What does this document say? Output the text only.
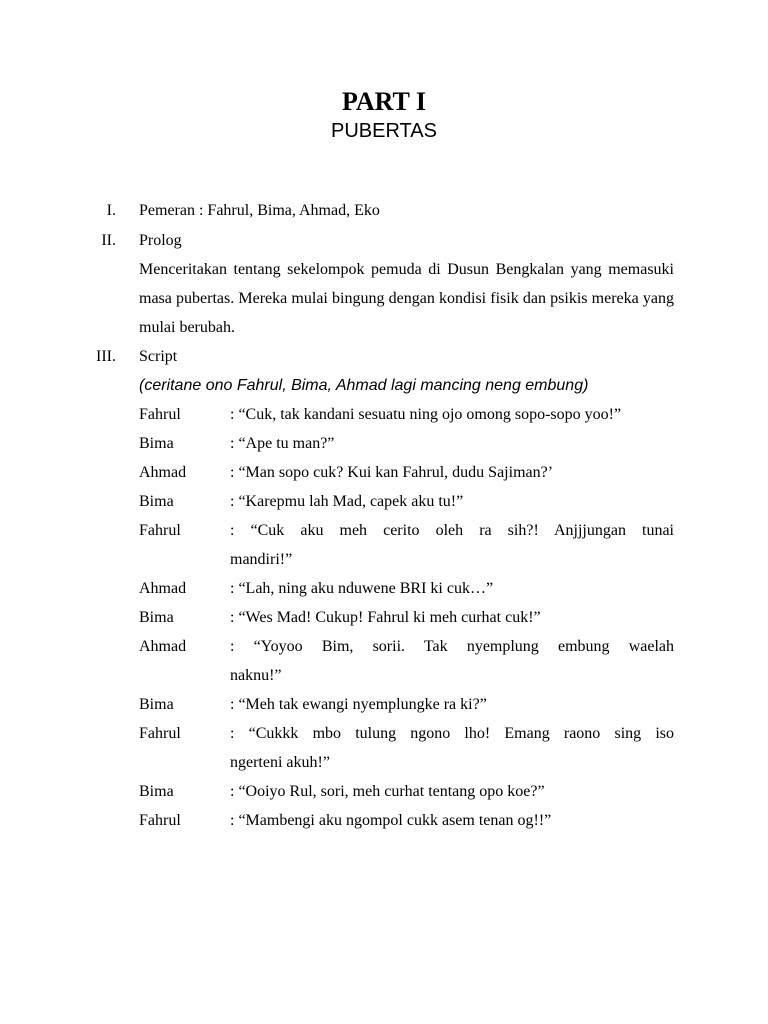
PART I
PUBERTAS
I. Pemeran : Fahrul, Bima, Ahmad, Eko
II. Prolog
Menceritakan tentang sekelompok pemuda di Dusun Bengkalan yang memasuki masa pubertas. Mereka mulai bingung dengan kondisi fisik dan psikis mereka yang mulai berubah.
III. Script
(ceritane ono Fahrul, Bima, Ahmad lagi mancing neng embung)
Fahrul	: “Cuk, tak kandani sesuatu ning ojo omong sopo-sopo yoo!”
Bima	: “Ape tu man?”
Ahmad	: “Man sopo cuk? Kui kan Fahrul, dudu Sajiman?’
Bima	: “Karepmu lah Mad, capek aku tu!”
Fahrul	: “Cuk aku meh cerito oleh ra sih?! Anjjjungan tunai
mandiri!”
Ahmad	: “Lah, ning aku nduwene BRI ki cuk…”
Bima	: “Wes Mad! Cukup! Fahrul ki meh curhat cuk!”
Ahmad	: “Yoyoo Bim, sorii. Tak nyemplung embung waelah
naknu!”
Bima	: “Meh tak ewangi nyemplungke ra ki?”
Fahrul	: “Cukkk mbo tulung ngono lho! Emang raono sing iso
ngerteni akuh!”
Bima	: “Ooiyo Rul, sori, meh curhat tentang opo koe?”
Fahrul	: “Mambengi aku ngompol cukk asem tenan og!!”
